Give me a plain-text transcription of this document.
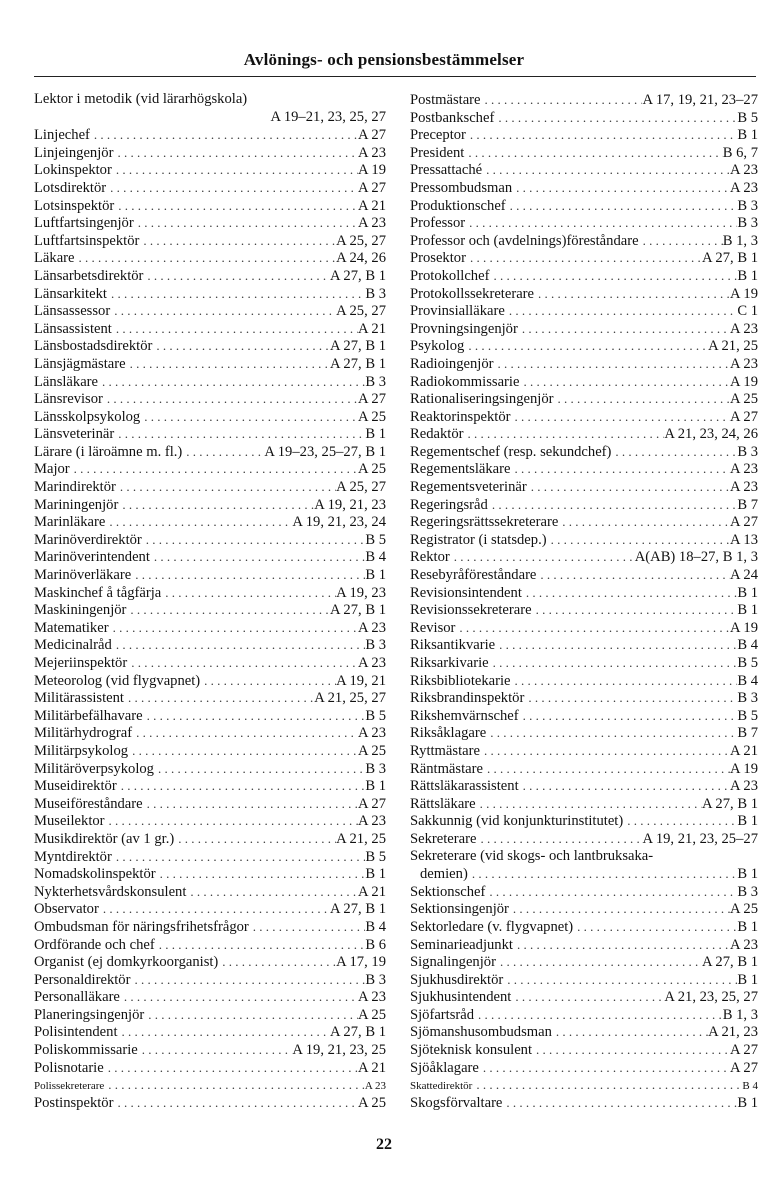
Avlönings- och pensionsbestämmelser
Lektor i metodik (vid lärarhögskola)
A 19–21, 23, 25, 27
Linjechef . . .	A 27
Linjeingenjör . . .	A 23
Lokinspektor . . .	A 19
Lotsdirektör . . .	A 27
Lotsinspektör . . .	A 21
Luftfartsingenjör . . .	A 23
Luftfartsinspektör . . .	A 25, 27
Läkare . . .	A 24, 26
Länsarbetsdirektör . . .	A 27, B 1
Länsarkitekt . . .	B 3
Länsassessor . . .	A 25, 27
Länsassistent . . .	A 21
Länsbostadsdirektör . . .	A 27, B 1
Länsjägmästare . . .	A 27, B 1
Länsläkare . . .	B 3
Länsrevisor . . .	A 27
Länsskolpsykolog . . .	A 25
Länsveterinär . . .	B 1
Lärare (i läroämne m. fl.) . . .	A 19–23, 25–27, B 1
Major . . .	A 25
Marindirektör . . .	A 25, 27
Mariningenjör . . .	A 19, 21, 23
Marinläkare . . .	A 19, 21, 23, 24
Marinöverdirektör . . .	B 5
Marinöverintendent . . .	B 4
Marinöverläkare . . .	B 1
Maskinchef å tågfärja . . .	A 19, 23
Maskiningenjör . . .	A 27, B 1
Matematiker . . .	A 23
Medicinalråd . . .	B 3
Mejeriinspektör . . .	A 23
Meteorolog (vid flygvapnet) . . .	A 19, 21
Militärassistent . . .	A 21, 25, 27
Militärbefälhavare . . .	B 5
Militärhydrograf . . .	A 23
Militärpsykolog . . .	A 25
Militäröverpsykolog . . .	B 3
Museidirektör . . .	B 1
Museiföreståndare . . .	A 27
Museilektor . . .	A 23
Musikdirektör (av 1 gr.) . . .	A 21, 25
Myntdirektör . . .	B 5
Nomadskolinspektör . . .	B 1
Nykterhetsvårdskonsulent . . .	A 21
Observator . . .	A 27, B 1
Ombudsman för näringsfrihetsfrågor . . .	B 4
Ordförande och chef . . .	B 6
Organist (ej domkyrkoorganist) . . .	A 17, 19
Personaldirektör . . .	B 3
Personalläkare . . .	A 23
Planeringsingenjör . . .	A 25
Polisintendent . . .	A 27, B 1
Poliskommissarie . . .	A 19, 21, 23, 25
Polisnotarie . . .	A 21
Polissekreterare . . .	A 23
Postinspektör . . .	A 25
Postmästare . . .	A 17, 19, 21, 23–27
Postbankschef . . .	B 5
Preceptor . . .	B 1
President . . .	B 6, 7
Pressattaché . . .	A 23
Pressombudsman . . .	A 23
Produktionschef . . .	B 3
Professor . . .	B 3
Professor och (avdelnings)föreståndare . . .	B 1, 3
Prosektor . . .	A 27, B 1
Protokollchef . . .	B 1
Protokollssekreterare . . .	A 19
Provinsialläkare . . .	C 1
Provningsingenjör . . .	A 23
Psykolog . . .	A 21, 25
Radioingenjör . . .	A 23
Radiokommissarie . . .	A 19
Rationaliseringsingenjör . . .	A 25
Reaktorinspektör . . .	A 27
Redaktör . . .	A 21, 23, 24, 26
Regementschef (resp. sekundchef) . . .	B 3
Regementsläkare . . .	A 23
Regementsveterinär . . .	A 23
Regeringsråd . . .	B 7
Regeringsrättssekreterare . . .	A 27
Registrator (i statsdep.) . . .	A 13
Rektor . . .	A(AB) 18–27, B 1, 3
Resebyråföreståndare . . .	A 24
Revisionsintendent . . .	B 1
Revisionssekreterare . . .	B 1
Revisor . . .	A 19
Riksantikvarie . . .	B 4
Riksarkivarie . . .	B 5
Riksbibliotekarie . . .	B 4
Riksbrandinspektör . . .	B 3
Rikshemvärnschef . . .	B 5
Riksåklagare . . .	B 7
Ryttmästare . . .	A 21
Räntmästare . . .	A 19
Rättsläkarassistent . . .	A 23
Rättsläkare . . .	A 27, B 1
Sakkunnig (vid konjunkturinstitutet) . . .	B 1
Sekreterare . . .	A 19, 21, 23, 25–27
Sekreterare (vid skogs- och lantbruksaka-
demien) . . .	B 1
Sektionschef . . .	B 3
Sektionsingenjör . . .	A 25
Sektorledare (v. flygvapnet) . . .	B 1
Seminarieadjunkt . . .	A 23
Signalingenjör . . .	A 27, B 1
Sjukhusdirektör . . .	B 1
Sjukhusintendent . . .	A 21, 23, 25, 27
Sjöfartsråd . . .	B 1, 3
Sjömanshusombudsman . . .	A 21, 23
Sjöteknisk konsulent . . .	A 27
Sjöåklagare . . .	A 27
Skattedirektör . . .	B 4
Skogsförvaltare . . .	B 1
22
